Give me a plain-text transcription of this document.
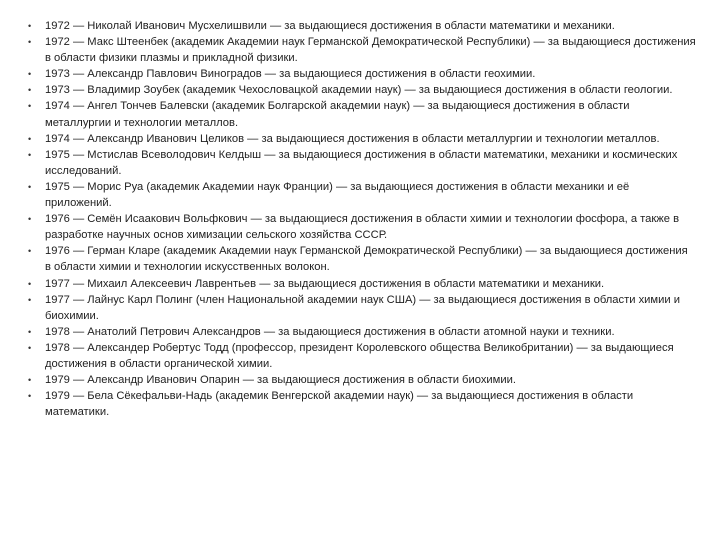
• 1972 — Николай Иванович Мусхелишвили — за выдающиеся достижения в области математики и механики.
• 1972 — Макс Штеенбек (академик Академии наук Германской Демократической Республики) — за выдающиеся достижения в области физики плазмы и прикладной физики.
• 1973 — Александр Павлович Виноградов — за выдающиеся достижения в области геохимии.
• 1973 — Владимир Зоубек (академик Чехословацкой академии наук) — за выдающиеся достижения в области геологии.
• 1974 — Ангел Тончев Балевски (академик Болгарской академии наук) — за выдающиеся достижения в области металлургии и технологии металлов.
• 1974 — Александр Иванович Целиков — за выдающиеся достижения в области металлургии и технологии металлов.
• 1975 — Мстислав Всеволодович Келдыш — за выдающиеся достижения в области математики, механики и космических исследований.
• 1975 — Морис Руа (академик Академии наук Франции) — за выдающиеся достижения в области механики и её приложений.
• 1976 — Семён Исаакович Вольфкович — за выдающиеся достижения в области химии и технологии фосфора, а также в разработке научных основ химизации сельского хозяйства СССР.
• 1976 — Герман Кларе (академик Академии наук Германской Демократической Республики) — за выдающиеся достижения в области химии и технологии искусственных волокон.
• 1977 — Михаил Алексеевич Лаврентьев — за выдающиеся достижения в области математики и механики.
• 1977 — Лайнус Карл Полинг (член Национальной академии наук США) — за выдающиеся достижения в области химии и биохимии.
• 1978 — Анатолий Петрович Александров — за выдающиеся достижения в области атомной науки и техники.
• 1978 — Александер Робертус Тодд (профессор, президент Королевского общества Великобритании) — за выдающиеся достижения в области органической химии.
• 1979 — Александр Иванович Опарин — за выдающиеся достижения в области биохимии.
• 1979 — Бела Сёкефальви-Надь (академик Венгерской академии наук) — за выдающиеся достижения в области математики.
